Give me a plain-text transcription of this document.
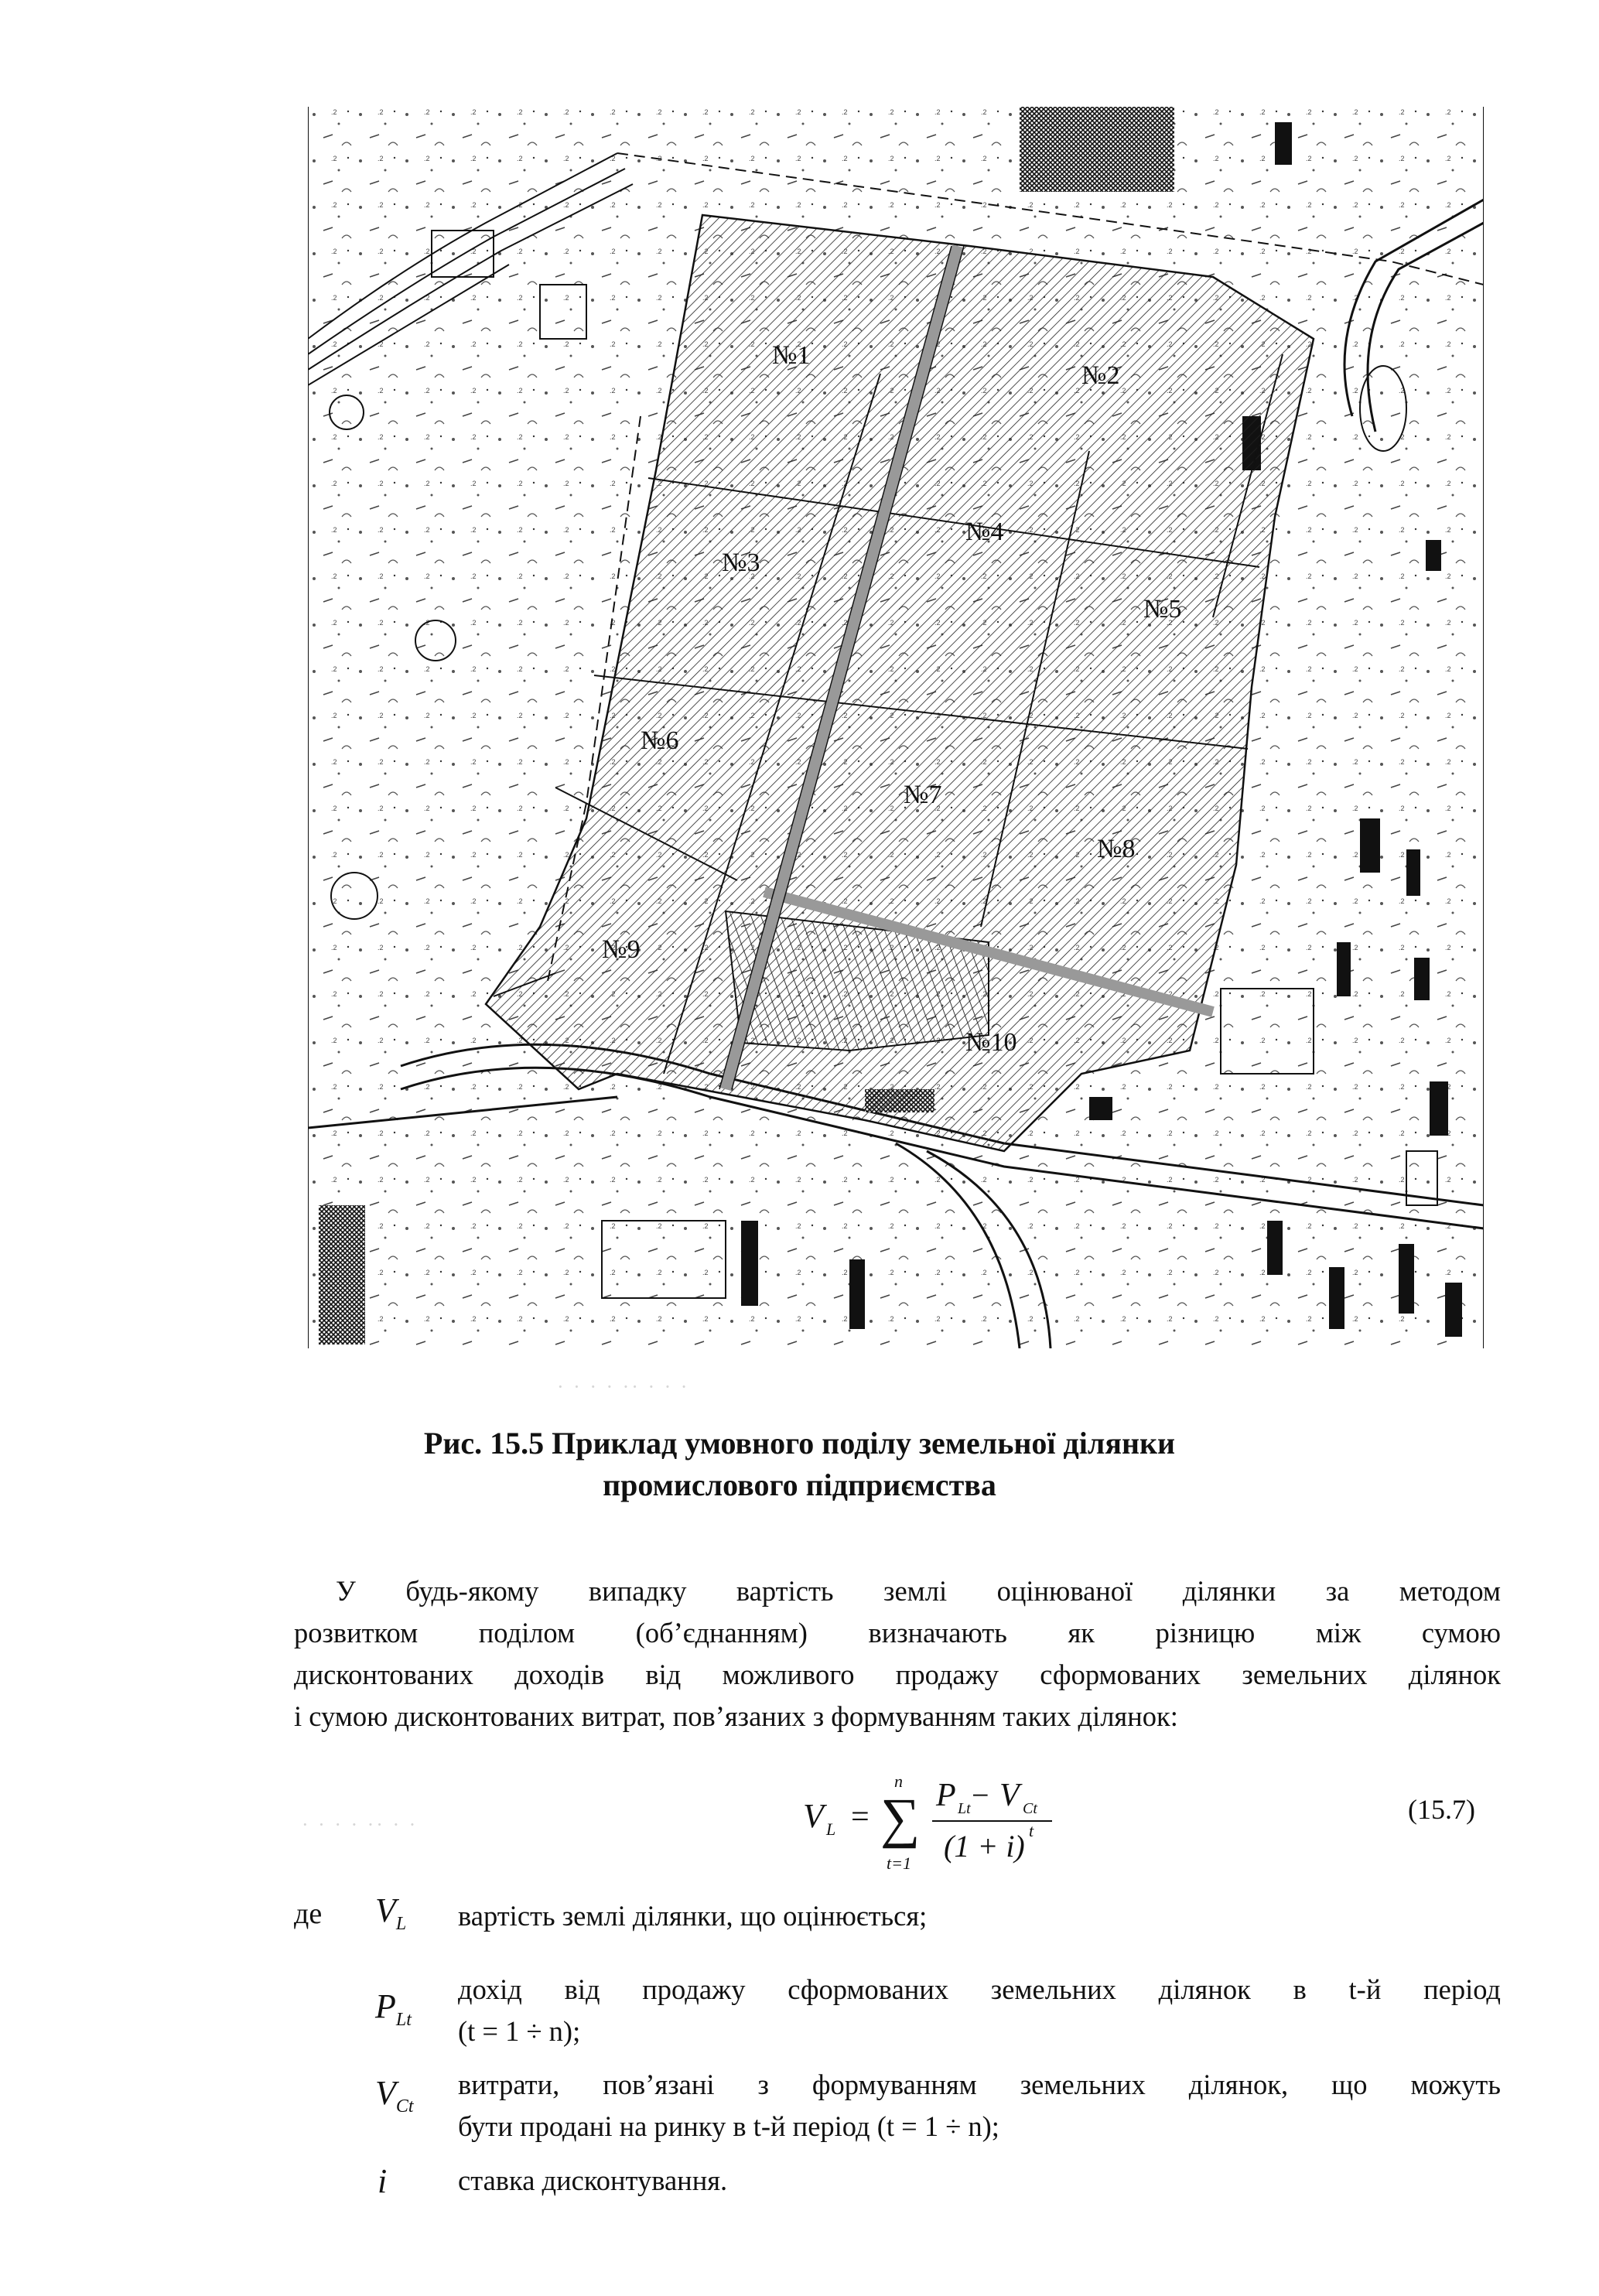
№1
№2
№3
№4
№5
№6
№7
№8
№9
№10
· · · · ·· · · ·
· · · · ·· · ·
Рис. 15.5 Приклад умовного поділу земельної ділянки
промислового підприємства
У будь-якому випадку вартість землі оцінюваної ділянки за методом
розвитком поділом (об’єднанням) визначають як різницю між сумою
дисконтованих доходів від можливого продажу сформованих земельних ділянок
і сумою дисконтованих витрат, пов’язаних з формуванням таких ділянок:
V L = ∑
n
t=1
P Lt − V Ct
(1 + i) t
(15.7)
де $V_L$ вартість землі ділянки, що оцінюється;
$P_{Lt}$
дохід від продажу сформованих земельних ділянок в t-й період
(t = 1 ÷ n);
$V_{Ct}$
витрати, пов’язані з формуванням земельних ділянок, що можуть
бути продані на ринку в t-й період (t = 1 ÷ n);
i	ставка дисконтування.
